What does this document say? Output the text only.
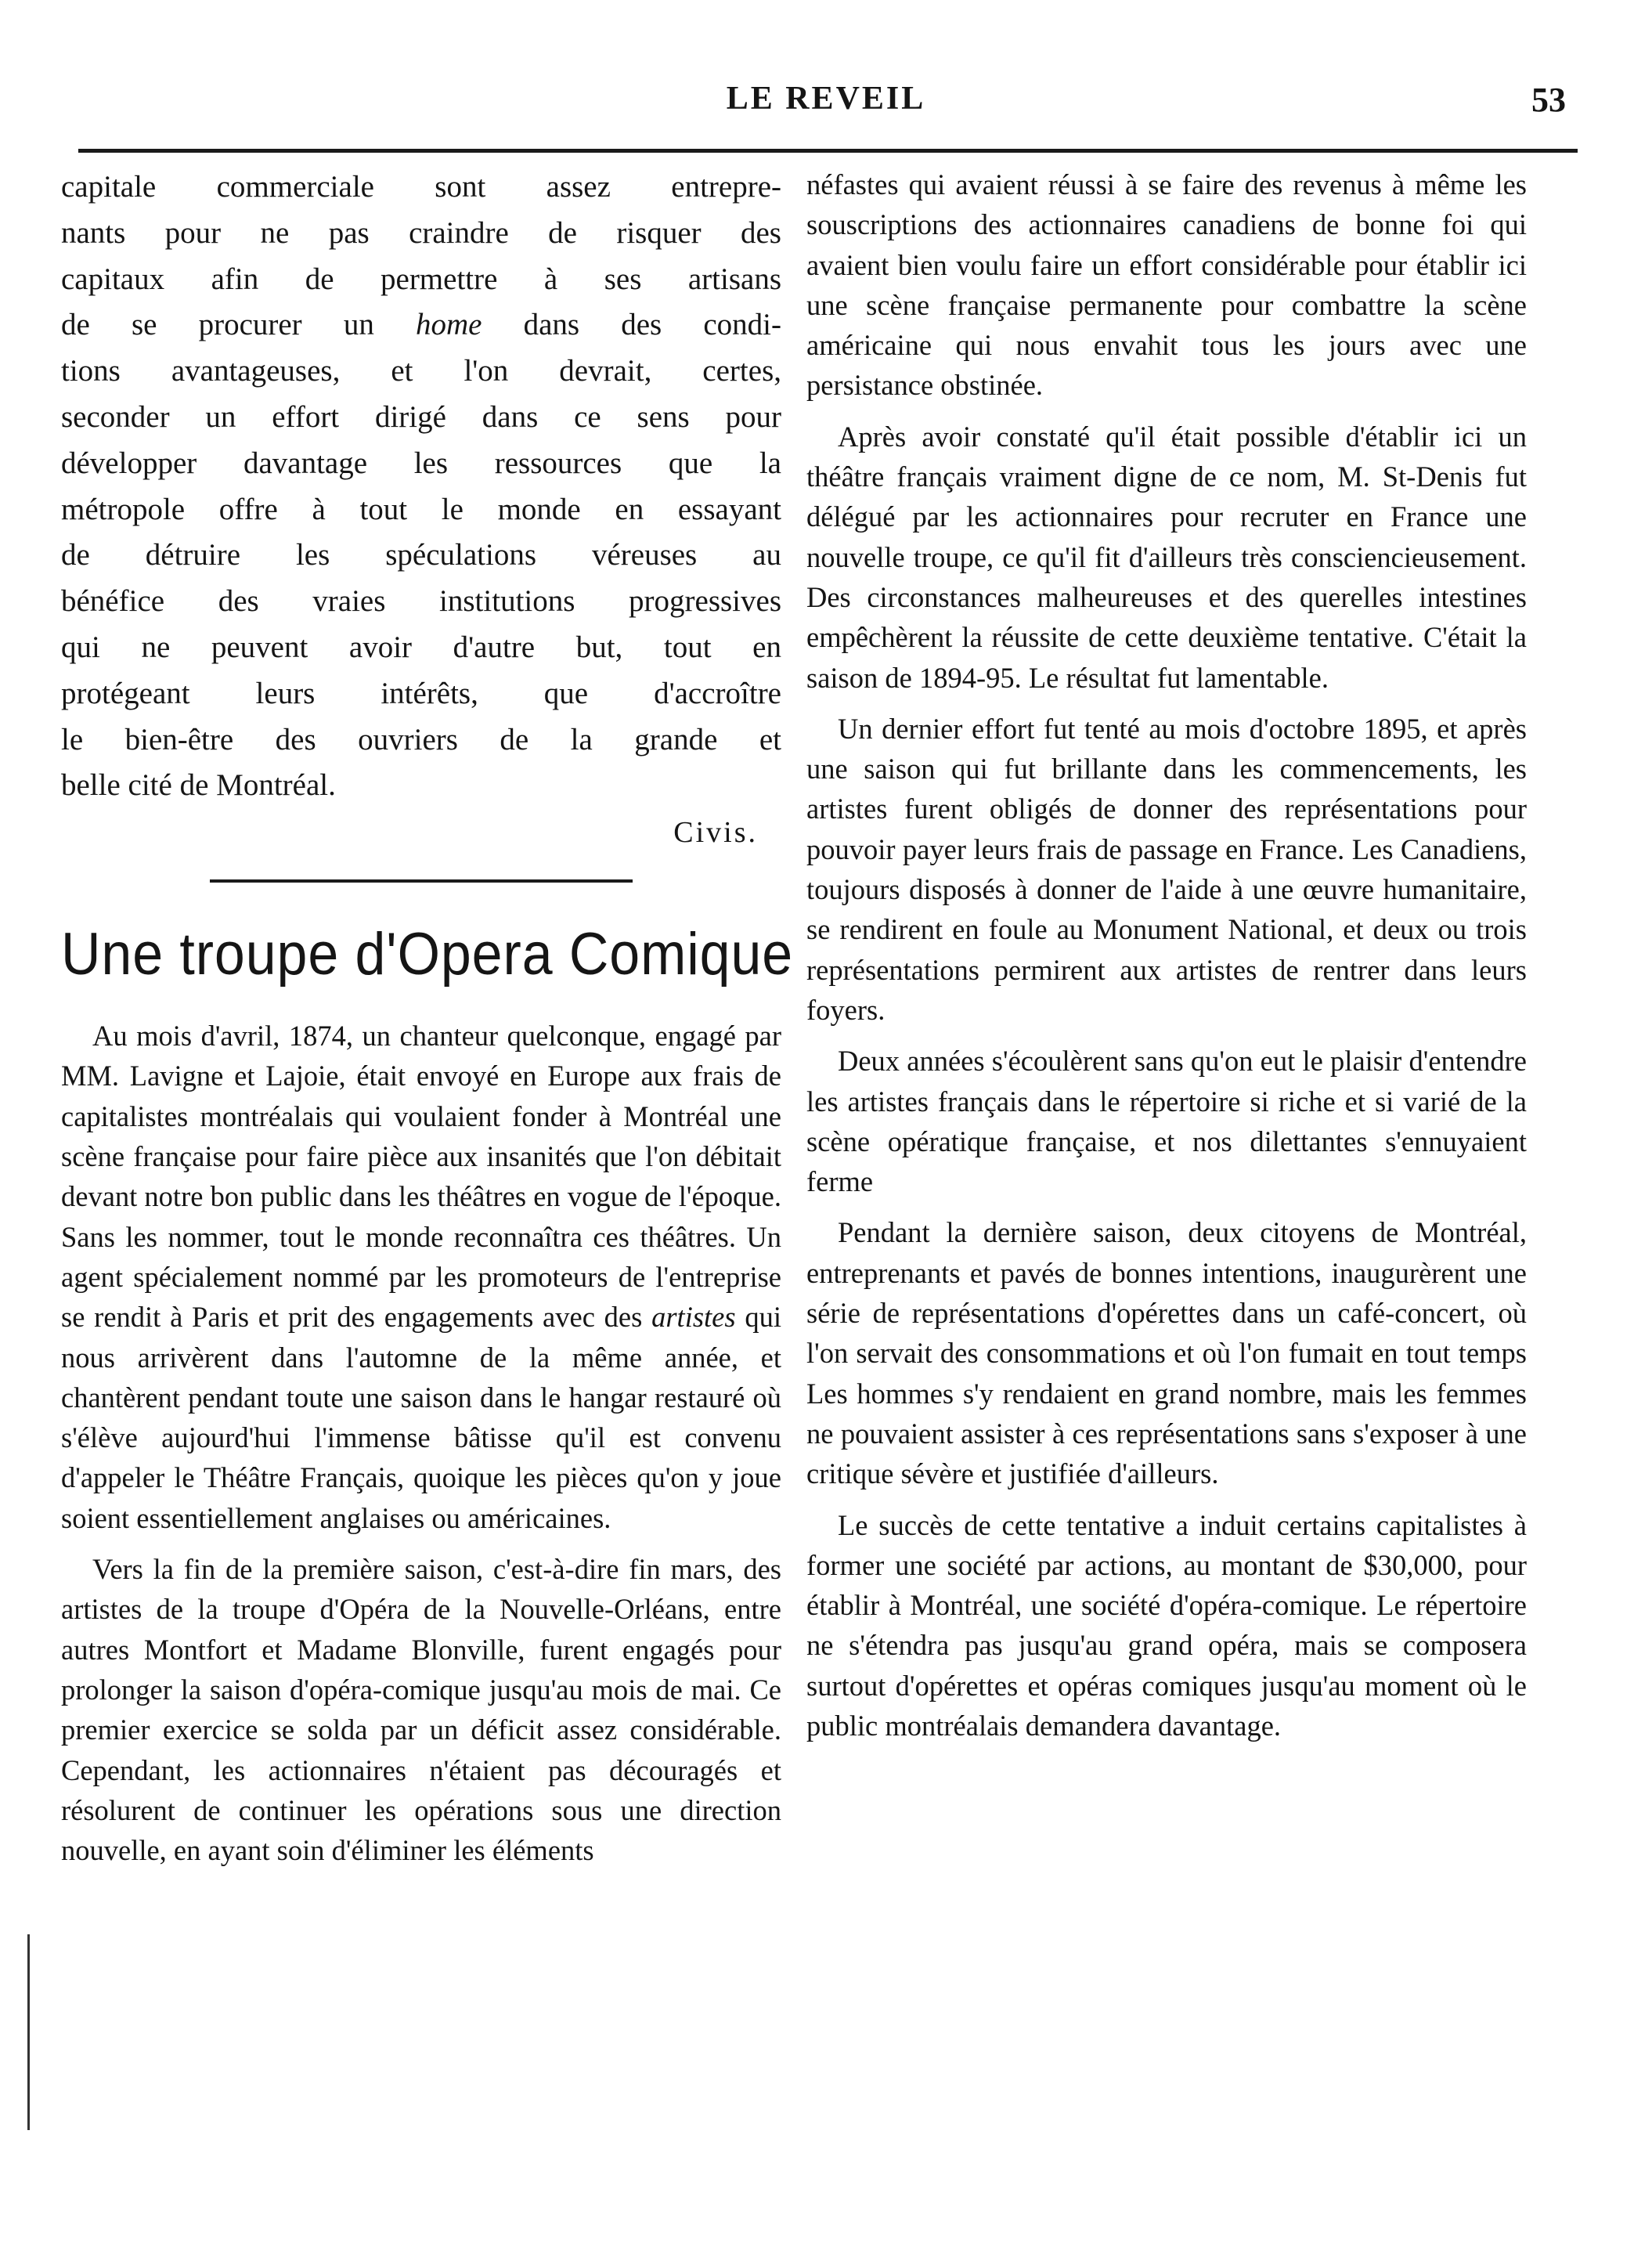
LE REVEIL	53

capitale commerciale sont assez entrepre-

nants pour ne pas craindre de risquer des

capitaux afin de permettre à ses artisans

de se procurer un home dans des condi-

tions avantageuses, et l'on devrait, certes,

seconder un effort dirigé dans ce sens pour

développer davantage les ressources que la

métropole offre à tout le monde en essayant

de détruire les spéculations véreuses au

bénéfice des vraies institutions progressives

qui ne peuvent avoir d'autre but, tout en

protégeant leurs intérêts, que d'accroître

le bien-être des ouvriers de la grande et

belle cité de Montréal.

Civis.

Une troupe d'Opera Comique

Au mois d'avril, 1874, un chanteur quelconque, engagé par MM. Lavigne et Lajoie, était envoyé en Europe aux frais de capitalistes montréalais qui voulaient fonder à Montréal une scène française pour faire pièce aux insanités que l'on débitait devant notre bon public dans les théâtres en vogue de l'époque. Sans les nommer, tout le monde reconnaîtra ces théâtres. Un agent spécialement nommé par les promoteurs de l'entreprise se rendit à Paris et prit des engagements avec des artistes qui nous arrivèrent dans l'automne de la même année, et chantèrent pendant toute une saison dans le hangar restauré où s'élève aujourd'hui l'immense bâtisse qu'il est convenu d'appeler le Théâtre Français, quoique les pièces qu'on y joue soient essentiellement anglaises ou américaines.

Vers la fin de la première saison, c'est-à-dire fin mars, des artistes de la troupe d'Opéra de la Nouvelle-Orléans, entre autres Montfort et Madame Blonville, furent engagés pour prolonger la saison d'opéra-comique jusqu'au mois de mai. Ce premier exercice se solda par un déficit assez considérable. Cependant, les actionnaires n'étaient pas découragés et résolurent de continuer les opérations sous une direction nouvelle, en ayant soin d'éliminer les éléments

néfastes qui avaient réussi à se faire des revenus à même les souscriptions des actionnaires canadiens de bonne foi qui avaient bien voulu faire un effort considérable pour établir ici une scène française permanente pour combattre la scène américaine qui nous envahit tous les jours avec une persistance obstinée.

Après avoir constaté qu'il était possible d'établir ici un théâtre français vraiment digne de ce nom, M. St-Denis fut délégué par les actionnaires pour recruter en France une nouvelle troupe, ce qu'il fit d'ailleurs très consciencieusement. Des circonstances malheureuses et des querelles intestines empêchèrent la réussite de cette deuxième tentative. C'était la saison de 1894-95. Le résultat fut lamentable.

Un dernier effort fut tenté au mois d'octobre 1895, et après une saison qui fut brillante dans les commencements, les artistes furent obligés de donner des représentations pour pouvoir payer leurs frais de passage en France. Les Canadiens, toujours disposés à donner de l'aide à une œuvre humanitaire, se rendirent en foule au Monument National, et deux ou trois représentations permirent aux artistes de rentrer dans leurs foyers.

Deux années s'écoulèrent sans qu'on eut le plaisir d'entendre les artistes français dans le répertoire si riche et si varié de la scène opératique française, et nos dilettantes s'ennuyaient ferme

Pendant la dernière saison, deux citoyens de Montréal, entreprenants et pavés de bonnes intentions, inaugurèrent une série de représentations d'opérettes dans un café-concert, où l'on servait des consommations et où l'on fumait en tout temps Les hommes s'y rendaient en grand nombre, mais les femmes ne pouvaient assister à ces représentations sans s'exposer à une critique sévère et justifiée d'ailleurs.

Le succès de cette tentative a induit certains capitalistes à former une société par actions, au montant de $30,000, pour établir à Montréal, une société d'opéra-comique. Le répertoire ne s'étendra pas jusqu'au grand opéra, mais se composera surtout d'opérettes et opéras comiques jusqu'au moment où le public montréalais demandera davantage.
